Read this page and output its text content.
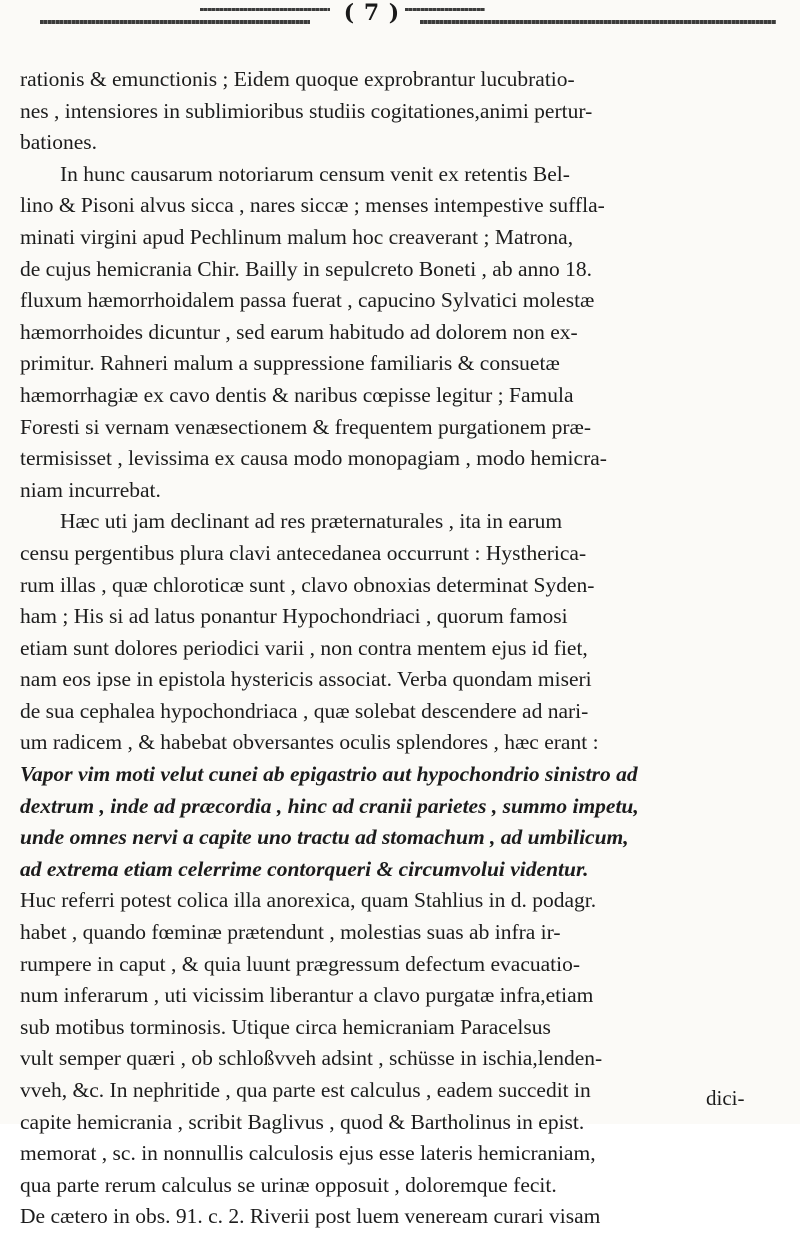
( 7 )
rationis & emunctionis ; Eidem quoque exprobrantur lucubratio-
nes , intensiores in sublimioribus studiis cogitationes,animi pertur-
bationes.
In hunc causarum notoriarum censum venit ex retentis Bel-
lino & Pisoni alvus sicca , nares siccæ ; menses intempestive suffla-
minati virgini apud Pechlinum malum hoc creaverant ; Matrona,
de cujus hemicrania Chir. Bailly in sepulcreto Boneti , ab anno 18.
fluxum hæmorrhoidalem passa fuerat , capucino Sylvatici molestæ
hæmorrhoides dicuntur , sed earum habitudo ad dolorem non ex-
primitur. Rahneri malum a suppressione familiaris & consuetæ
hæmorrhagiæ ex cavo dentis & naribus cœpisse legitur ; Famula
Foresti si vernam venæsectionem & frequentem purgationem præ-
termisisset , levissima ex causa modo monopagiam , modo hemicra-
niam incurrebat.
Hæc uti jam declinant ad res præternaturales , ita in earum
censu pergentibus plura clavi antecedanea occurrunt : Hystherica-
rum illas , quæ chloroticæ sunt , clavo obnoxias determinat Syden-
ham ; His si ad latus ponantur Hypochondriaci , quorum famosi
etiam sunt dolores periodici varii , non contra mentem ejus id fiet,
nam eos ipse in epistola hystericis associat. Verba quondam miseri
de sua cephalea hypochondriaca , quæ solebat descendere ad nari-
um radicem , & habebat obversantes oculis splendores , hæc erant :
Vapor vim moti velut cunei ab epigastrio aut hypochondrio sinistro ad
dextrum , inde ad præcordia , hinc ad cranii parietes , summo impetu,
unde omnes nervi a capite uno tractu ad stomachum , ad umbilicum,
ad extrema etiam celerrime contorqueri & circumvolui videntur.
Huc referri potest colica illa anorexica, quam Stahlius in d. podagr.
habet , quando fœminæ prætendunt , molestias suas ab infra ir-
rumpere in caput , & quia luunt prægressum defectum evacuatio-
num inferarum , uti vicissim liberantur a clavo purgatæ infra,etiam
sub motibus torminosis. Utique circa hemicraniam Paracelsus
vult semper quæri , ob schloßvveh adsint , schüsse in ischia,lenden-
vveh, &c. In nephritide , qua parte est calculus , eadem succedit in
capite hemicrania , scribit Baglivus , quod & Bartholinus in epist.
memorat , sc. in nonnullis calculosis ejus esse lateris hemicraniam,
qua parte rerum calculus se urinæ opposuit , doloremque fecit.
De cætero in obs. 91. c. 2. Riverii post luem veneream curari visam
dici-
